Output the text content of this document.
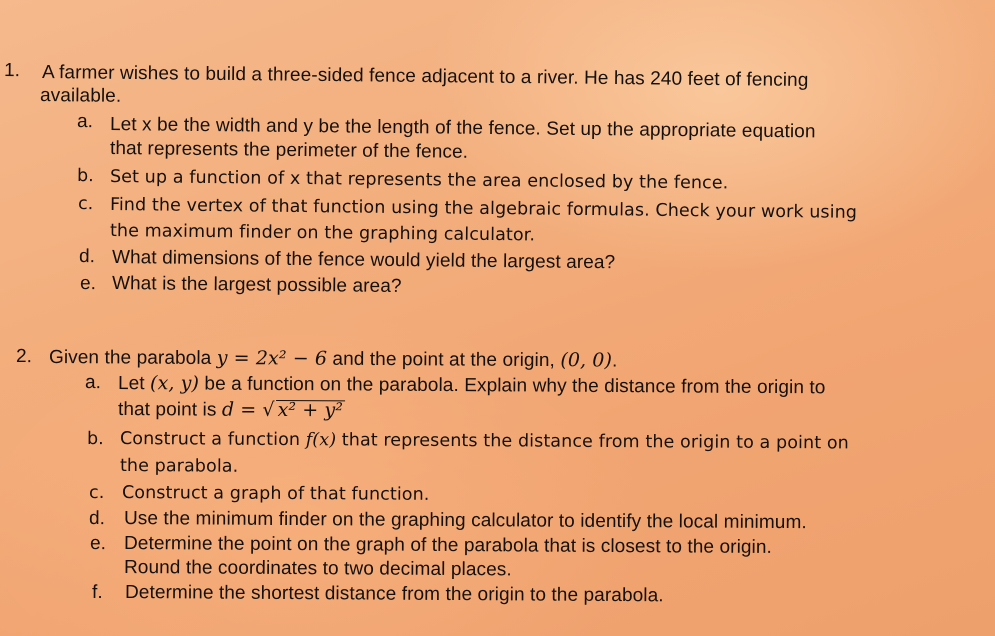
1. A farmer wishes to build a three-sided fence adjacent to a river. He has 240 feet of fencing
available.
a. Let x be the width and y be the length of the fence. Set up the appropriate equation
that represents the perimeter of the fence.
b. Set up a function of x that represents the area enclosed by the fence.
c. Find the vertex of that function using the algebraic formulas. Check your work using
the maximum finder on the graphing calculator.
d. What dimensions of the fence would yield the largest area?
e. What is the largest possible area?
2. Given the parabola y = 2x² − 6 and the point at the origin, (0, 0).
a. Let (x, y) be a function on the parabola. Explain why the distance from the origin to
that point is d = √ x² + y²
b. Construct a function f(x) that represents the distance from the origin to a point on
the parabola.
c. Construct a graph of that function.
d. Use the minimum finder on the graphing calculator to identify the local minimum.
e. Determine the point on the graph of the parabola that is closest to the origin.
Round the coordinates to two decimal places.
f. Determine the shortest distance from the origin to the parabola.
